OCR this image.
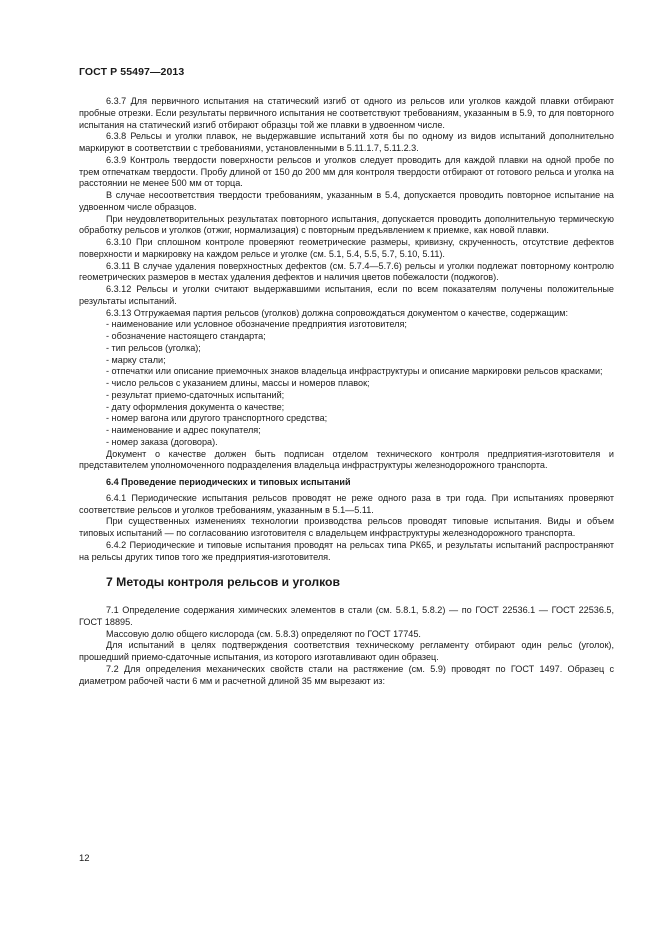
ГОСТ Р 55497—2013

6.3.7 Для первичного испытания на статический изгиб от одного из рельсов или уголков каждой плавки отбирают пробные отрезки. Если результаты первичного испытания не соответствуют требованиям, указанным в 5.9, то для повторного испытания на статический изгиб отбирают образцы той же плавки в удвоенном числе.

6.3.8 Рельсы и уголки плавок, не выдержавшие испытаний хотя бы по одному из видов испытаний дополнительно маркируют в соответствии с требованиями, установленными в 5.11.1.7, 5.11.2.3.

6.3.9 Контроль твердости поверхности рельсов и уголков следует проводить для каждой плавки на одной пробе по трем отпечаткам твердости. Пробу длиной от 150 до 200 мм для контроля твердости отбирают от готового рельса и уголка на расстоянии не менее 500 мм от торца.

В случае несоответствия твердости требованиям, указанным в 5.4, допускается проводить повторное испытание на удвоенном числе образцов.

При неудовлетворительных результатах повторного испытания, допускается проводить дополнительную термическую обработку рельсов и уголков (отжиг, нормализация) с повторным предъявлением к приемке, как новой плавки.

6.3.10 При сплошном контроле проверяют геометрические размеры, кривизну, скрученность, отсутствие дефектов поверхности и маркировку на каждом рельсе и уголке (см. 5.1, 5.4, 5.5, 5.7, 5.10, 5.11).

6.3.11 В случае удаления поверхностных дефектов (см. 5.7.4—5.7.6) рельсы и уголки подлежат повторному контролю геометрических размеров в местах удаления дефектов и наличия цветов побежалости (поджогов).

6.3.12 Рельсы и уголки считают выдержавшими испытания, если по всем показателям получены положительные результаты испытаний.

6.3.13 Отгружаемая партия рельсов (уголков) должна сопровождаться документом о качестве, содержащим:

- наименование или условное обозначение предприятия изготовителя;

- обозначение настоящего стандарта;

- тип рельсов (уголка);

- марку стали;

- отпечатки или описание приемочных знаков владельца инфраструктуры и описание маркировки рельсов красками;

- число рельсов с указанием длины, массы и номеров плавок;

- результат приемо-сдаточных испытаний;

- дату оформления документа о качестве;

- номер вагона или другого транспортного средства;

- наименование и адрес покупателя;

- номер заказа (договора).

Документ о качестве должен быть подписан отделом технического контроля предприятия-изготовителя и представителем уполномоченного подразделения владельца инфраструктуры железнодорожного транспорта.

6.4 Проведение периодических и типовых испытаний

6.4.1 Периодические испытания рельсов проводят не реже одного раза в три года. При испытаниях проверяют соответствие рельсов и уголков требованиям, указанным в 5.1—5.11.

При существенных изменениях технологии производства рельсов проводят типовые испытания. Виды и объем типовых испытаний — по согласованию изготовителя с владельцем инфраструктуры железнодорожного транспорта.

6.4.2 Периодические и типовые испытания проводят на рельсах типа РК65, и результаты испытаний распространяют на рельсы других типов того же предприятия-изготовителя.

7 Методы контроля рельсов и уголков

7.1 Определение содержания химических элементов в стали (см. 5.8.1, 5.8.2) — по ГОСТ 22536.1 — ГОСТ 22536.5, ГОСТ 18895.

Массовую долю общего кислорода (см. 5.8.3) определяют по ГОСТ 17745.

Для испытаний в целях подтверждения соответствия техническому регламенту отбирают один рельс (уголок), прошедший приемо-сдаточные испытания, из которого изготавливают один образец.

7.2 Для определения механических свойств стали на растяжение (см. 5.9) проводят по ГОСТ 1497. Образец с диаметром рабочей части 6 мм и расчетной длиной 35 мм вырезают из:

12
